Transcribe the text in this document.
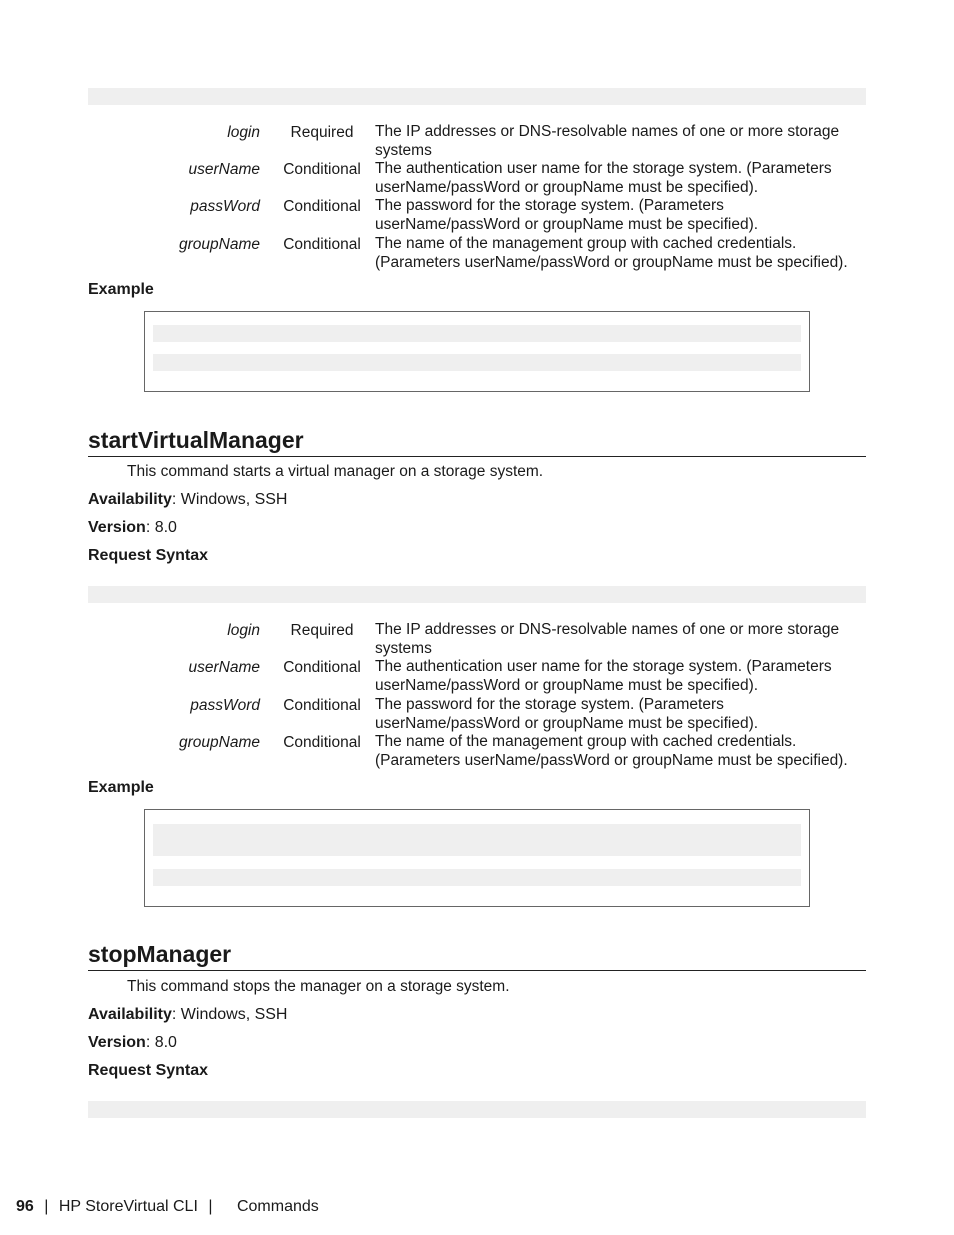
login	Required	The IP addresses or DNS-resolvable names of one or more storage systems
userName	Conditional The authentication user name for the storage system. (Parameters userName/passWord or groupName must be specified).
passWord	Conditional The password for the storage system. (Parameters userName/passWord or groupName must be specified).
groupName	Conditional The name of the management group with cached credentials. (Parameters userName/passWord or groupName must be specified).
Example
startVirtualManager
This command starts a virtual manager on a storage system.
Availability: Windows, SSH
Version: 8.0
Request Syntax
login	Required	The IP addresses or DNS-resolvable names of one or more storage systems
userName	Conditional The authentication user name for the storage system. (Parameters userName/passWord or groupName must be specified).
passWord	Conditional The password for the storage system. (Parameters userName/passWord or groupName must be specified).
groupName	Conditional The name of the management group with cached credentials. (Parameters userName/passWord or groupName must be specified).
Example
stopManager
This command stops the manager on a storage system.
Availability: Windows, SSH
Version: 8.0
Request Syntax
96 | HP StoreVirtual CLI | Commands
